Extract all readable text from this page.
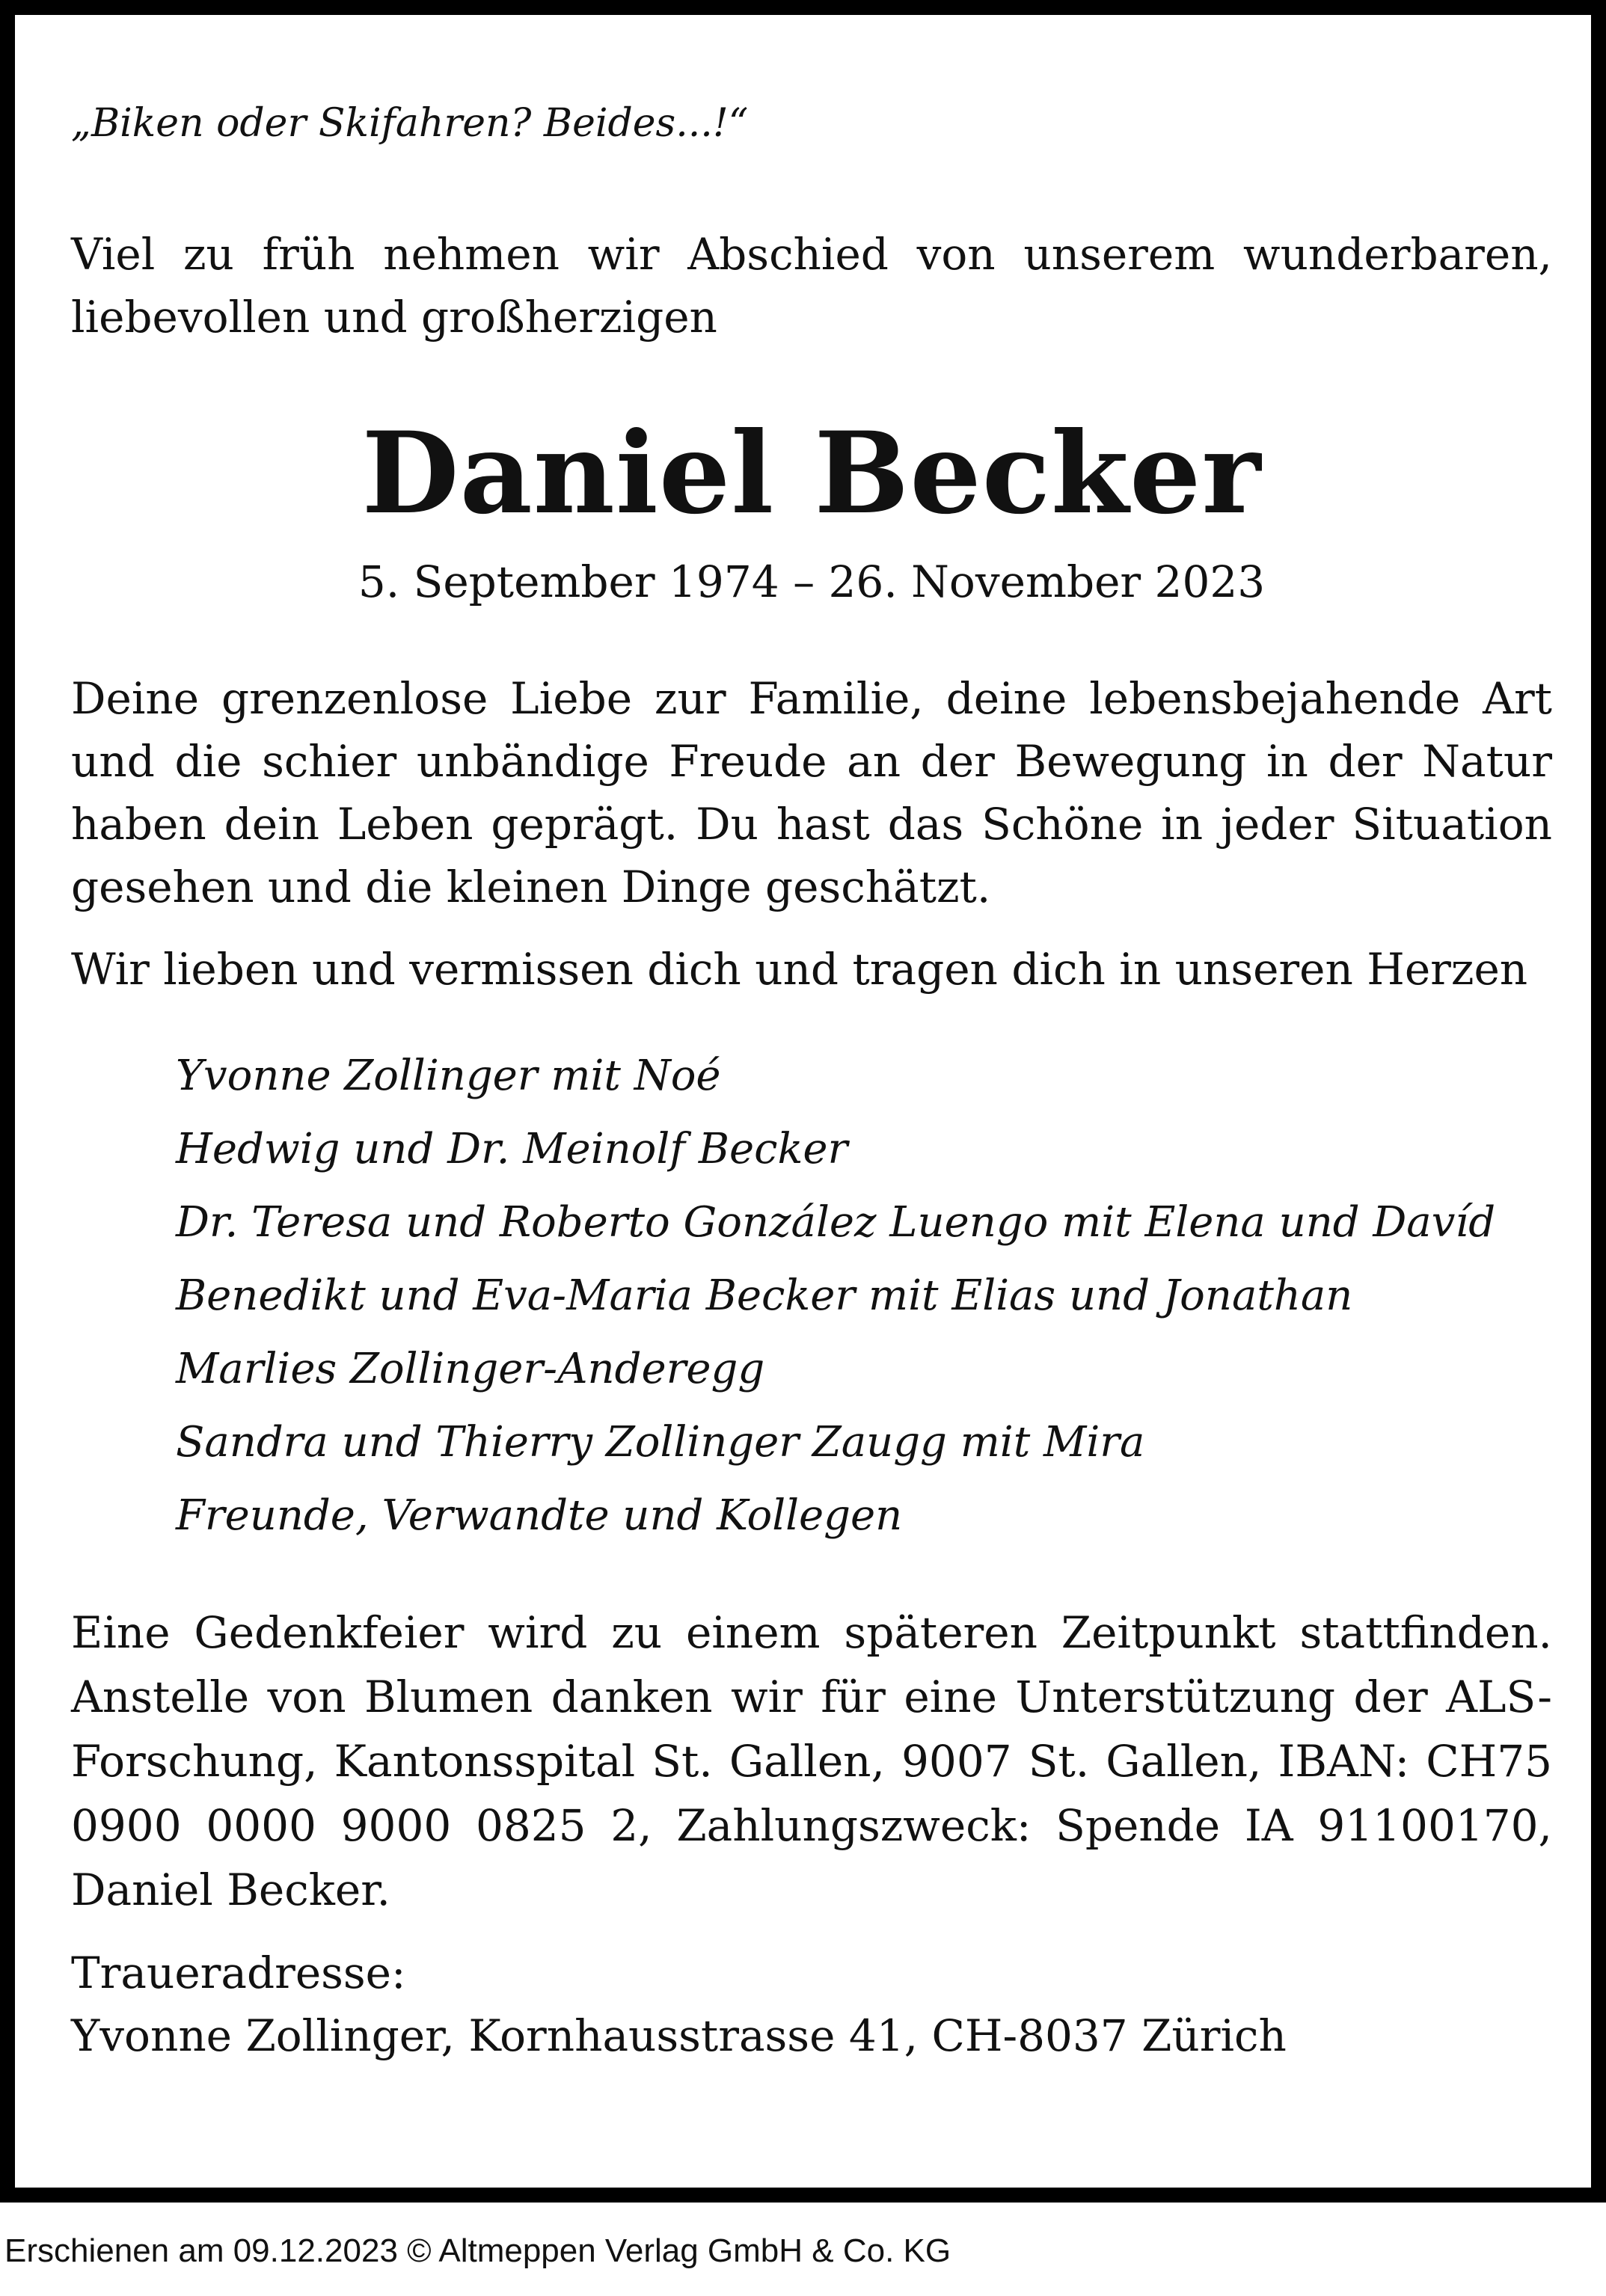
„Biken oder Skifahren? Beides...!“

Viel zu früh nehmen wir Abschied von unserem wunderbaren, liebevollen und großherzigen

Daniel Becker

5. September 1974 – 26. November 2023

Deine grenzenlose Liebe zur Familie, deine lebensbejahende Art und die schier unbändige Freude an der Bewegung in der Natur haben dein Leben geprägt. Du hast das Schöne in jeder Situation gesehen und die kleinen Dinge geschätzt.

Wir lieben und vermissen dich und tragen dich in unseren Herzen

Yvonne Zollinger mit Noé
Hedwig und Dr. Meinolf Becker
Dr. Teresa und Roberto González Luengo mit Elena und Davíd
Benedikt und Eva-Maria Becker mit Elias und Jonathan
Marlies Zollinger-Anderegg
Sandra und Thierry Zollinger Zaugg mit Mira
Freunde, Verwandte und Kollegen

Eine Gedenkfeier wird zu einem späteren Zeitpunkt stattfinden. Anstelle von Blumen danken wir für eine Unterstützung der ALS-Forschung, Kantonsspital St. Gallen, 9007 St. Gallen, IBAN: CH75 0900 0000 9000 0825 2, Zahlungszweck: Spende IA 91100170, Daniel Becker.

Traueradresse:

Yvonne Zollinger, Kornhausstrasse 41, CH-8037 Zürich

Erschienen am 09.12.2023 © Altmeppen Verlag GmbH & Co. KG
